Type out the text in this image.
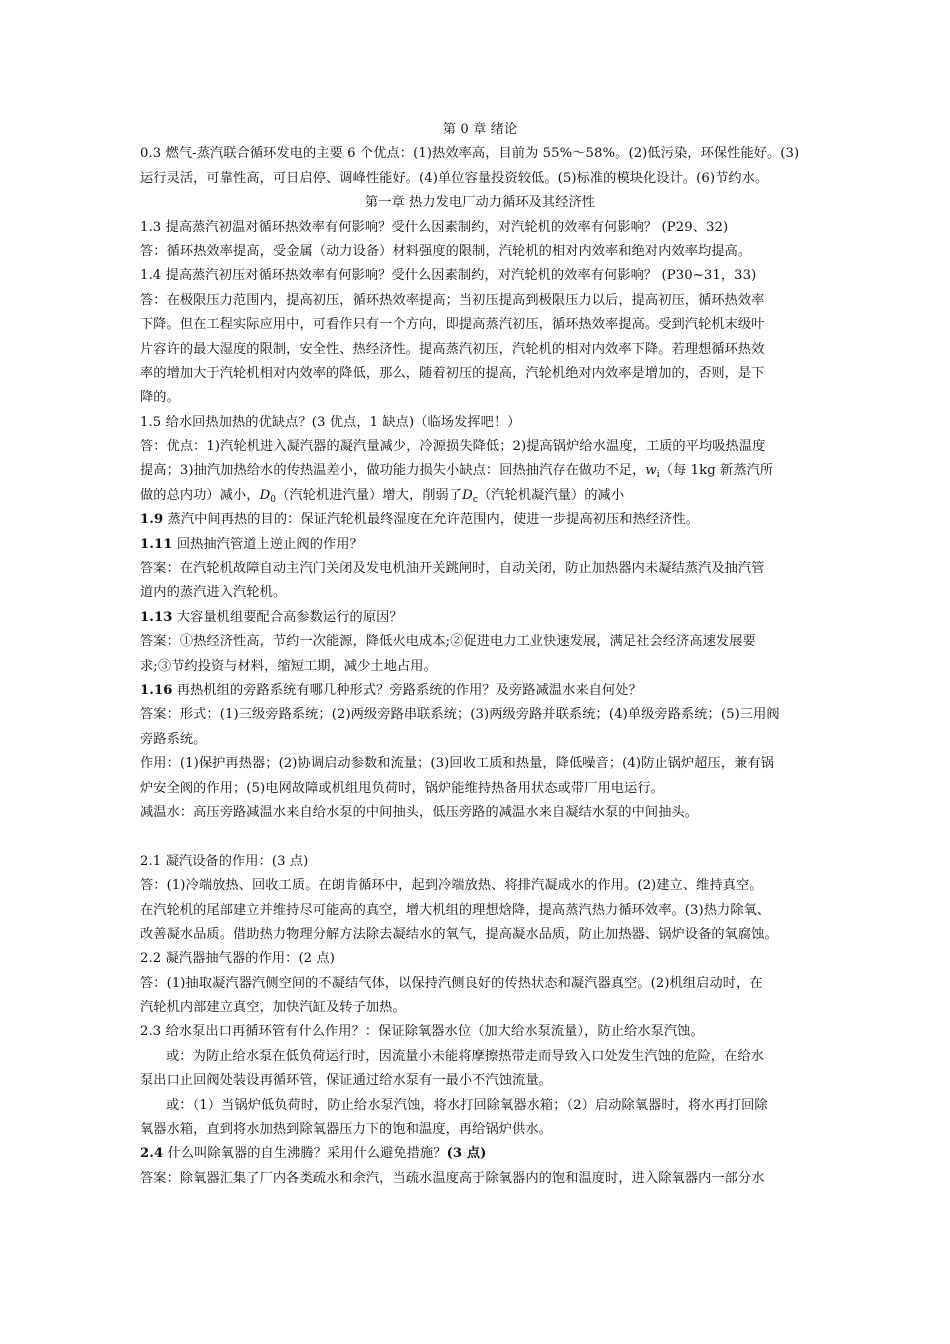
第 0 章 绪论
0.3 燃气-蒸汽联合循环发电的主要 6 个优点：(1)热效率高，目前为 55%～58%。(2)低污染，环保性能好。(3)
运行灵活，可靠性高，可日启停、调峰性能好。(4)单位容量投资较低。(5)标准的模块化设计。(6)节约水。
第一章 热力发电厂动力循环及其经济性
1.3 提高蒸汽初温对循环热效率有何影响？受什么因素制约，对汽轮机的效率有何影响？ (P29、32)
答：循环热效率提高，受金属（动力设备）材料强度的限制，汽轮机的相对内效率和绝对内效率均提高。
1.4 提高蒸汽初压对循环热效率有何影响？受什么因素制约，对汽轮机的效率有何影响？ (P30~31，33)
答：在极限压力范围内，提高初压，循环热效率提高；当初压提高到极限压力以后，提高初压，循环热效率
下降。但在工程实际应用中，可看作只有一个方向，即提高蒸汽初压，循环热效率提高。受到汽轮机末级叶
片容许的最大湿度的限制，安全性、热经济性。提高蒸汽初压，汽轮机的相对内效率下降。若理想循环热效
率的增加大于汽轮机相对内效率的降低，那么，随着初压的提高，汽轮机绝对内效率是增加的，否则，是下
降的。
1.5 给水回热加热的优缺点？(3 优点，1 缺点)（临场发挥吧！）
答：优点：1)汽轮机进入凝汽器的凝汽量减少，冷源损失降低；2)提高锅炉给水温度，工质的平均吸热温度
提高；3)抽汽加热给水的传热温差小，做功能力损失小缺点：回热抽汽存在做功不足，$w_i$（每 1kg 新蒸汽所
做的总内功）减小，$D_0$（汽轮机进汽量）增大，削弱了$D_c$（汽轮机凝汽量）的减小
1.9 蒸汽中间再热的目的：保证汽轮机最终湿度在允许范围内，使进一步提高初压和热经济性。
1.11 回热抽汽管道上逆止阀的作用？
答案：在汽轮机故障自动主汽门关闭及发电机油开关跳闸时，自动关闭，防止加热器内未凝结蒸汽及抽汽管
道内的蒸汽进入汽轮机。
1.13 大容量机组要配合高参数运行的原因？
答案：①热经济性高，节约一次能源，降低火电成本;②促进电力工业快速发展，满足社会经济高速发展要
求;③节约投资与材料，缩短工期，减少土地占用。
1.16 再热机组的旁路系统有哪几种形式？旁路系统的作用？及旁路减温水来自何处？
答案：形式：(1)三级旁路系统；(2)两级旁路串联系统；(3)两级旁路并联系统；(4)单级旁路系统；(5)三用阀
旁路系统。
作用：(1)保护再热器；(2)协调启动参数和流量；(3)回收工质和热量，降低噪音；(4)防止锅炉超压，兼有锅
炉安全阀的作用；(5)电网故障或机组甩负荷时，锅炉能维持热备用状态或带厂用电运行。
减温水：高压旁路减温水来自给水泵的中间抽头，低压旁路的减温水来自凝结水泵的中间抽头。
2.1 凝汽设备的作用：(3 点)
答：(1)冷端放热、回收工质。在朗肯循环中，起到冷端放热、将排汽凝成水的作用。(2)建立、维持真空。
在汽轮机的尾部建立并维持尽可能高的真空，增大机组的理想焓降，提高蒸汽热力循环效率。(3)热力除氧、
改善凝水品质。借助热力物理分解方法除去凝结水的氧气，提高凝水品质，防止加热器、锅炉设备的氧腐蚀。
2.2 凝汽器抽气器的作用：(2 点)
答：(1)抽取凝汽器汽侧空间的不凝结气体，以保持汽侧良好的传热状态和凝汽器真空。(2)机组启动时，在
汽轮机内部建立真空，加快汽缸及转子加热。
2.3 给水泵出口再循环管有什么作用？：保证除氧器水位（加大给水泵流量），防止给水泵汽蚀。
或：为防止给水泵在低负荷运行时，因流量小未能将摩擦热带走而导致入口处发生汽蚀的危险，在给水
泵出口止回阀处装设再循环管，保证通过给水泵有一最小不汽蚀流量。
或：（1）当锅炉低负荷时，防止给水泵汽蚀，将水打回除氧器水箱；（2）启动除氧器时，将水再打回除
氧器水箱，直到将水加热到除氧器压力下的饱和温度，再给锅炉供水。
2.4 什么叫除氧器的自生沸腾？采用什么避免措施？(3 点)
答案：除氧器汇集了厂内各类疏水和余汽，当疏水温度高于除氧器内的饱和温度时，进入除氧器内一部分水
